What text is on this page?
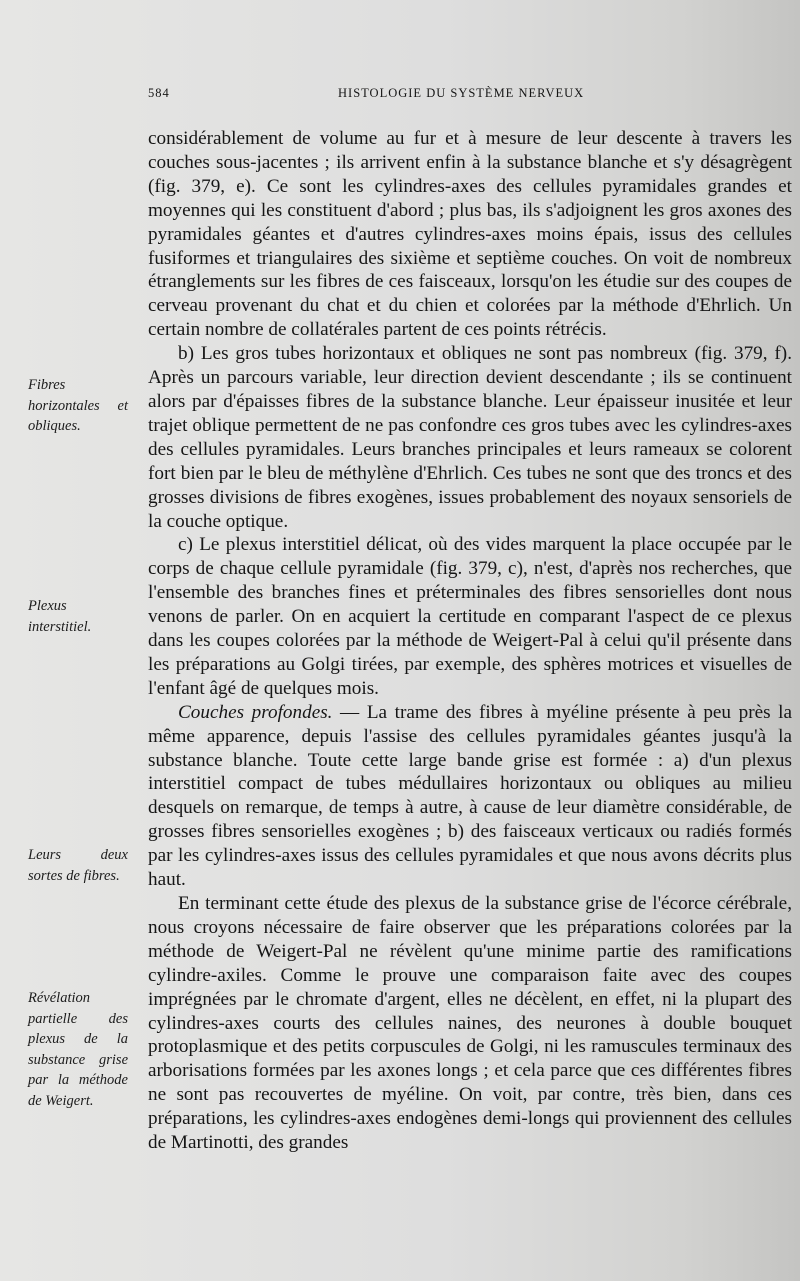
584	HISTOLOGIE DU SYSTÈME NERVEUX
Fibres horizontales et obliques.
Plexus interstitiel.
Leurs deux sortes de fibres.
Révélation partielle des plexus de la substance grise par la méthode de Weigert.

considérablement de volume au fur et à mesure de leur descente à travers les couches sous-jacentes ; ils arrivent enfin à la substance blanche et s'y désagrègent (fig. 379, e). Ce sont les cylindres-axes des cellules pyramidales grandes et moyennes qui les constituent d'abord ; plus bas, ils s'adjoignent les gros axones des pyramidales géantes et d'autres cylindres-axes moins épais, issus des cellules fusiformes et triangulaires des sixième et septième couches. On voit de nombreux étranglements sur les fibres de ces faisceaux, lorsqu'on les étudie sur des coupes de cerveau provenant du chat et du chien et colorées par la méthode d'Ehrlich. Un certain nombre de collatérales partent de ces points rétrécis.

b) Les gros tubes horizontaux et obliques ne sont pas nombreux (fig. 379, f). Après un parcours variable, leur direction devient descendante ; ils se continuent alors par d'épaisses fibres de la substance blanche. Leur épaisseur inusitée et leur trajet oblique permettent de ne pas confondre ces gros tubes avec les cylindres-axes des cellules pyramidales. Leurs branches principales et leurs rameaux se colorent fort bien par le bleu de méthylène d'Ehrlich. Ces tubes ne sont que des troncs et des grosses divisions de fibres exogènes, issues probablement des noyaux sensoriels de la couche optique.

c) Le plexus interstitiel délicat, où des vides marquent la place occupée par le corps de chaque cellule pyramidale (fig. 379, c), n'est, d'après nos recherches, que l'ensemble des branches fines et préterminales des fibres sensorielles dont nous venons de parler. On en acquiert la certitude en comparant l'aspect de ce plexus dans les coupes colorées par la méthode de Weigert-Pal à celui qu'il présente dans les préparations au Golgi tirées, par exemple, des sphères motrices et visuelles de l'enfant âgé de quelques mois.

Couches profondes. — La trame des fibres à myéline présente à peu près la même apparence, depuis l'assise des cellules pyramidales géantes jusqu'à la substance blanche. Toute cette large bande grise est formée : a) d'un plexus interstitiel compact de tubes médullaires horizontaux ou obliques au milieu desquels on remarque, de temps à autre, à cause de leur diamètre considérable, de grosses fibres sensorielles exogènes ; b) des faisceaux verticaux ou radiés formés par les cylindres-axes issus des cellules pyramidales et que nous avons décrits plus haut.

En terminant cette étude des plexus de la substance grise de l'écorce cérébrale, nous croyons nécessaire de faire observer que les préparations colorées par la méthode de Weigert-Pal ne révèlent qu'une minime partie des ramifications cylindre-axiles. Comme le prouve une comparaison faite avec des coupes imprégnées par le chromate d'argent, elles ne décèlent, en effet, ni la plupart des cylindres-axes courts des cellules naines, des neurones à double bouquet protoplasmique et des petits corpuscules de Golgi, ni les ramuscules terminaux des arborisations formées par les axones longs ; et cela parce que ces différentes fibres ne sont pas recouvertes de myéline. On voit, par contre, très bien, dans ces préparations, les cylindres-axes endogènes demi-longs qui proviennent des cellules de Martinotti, des grandes
